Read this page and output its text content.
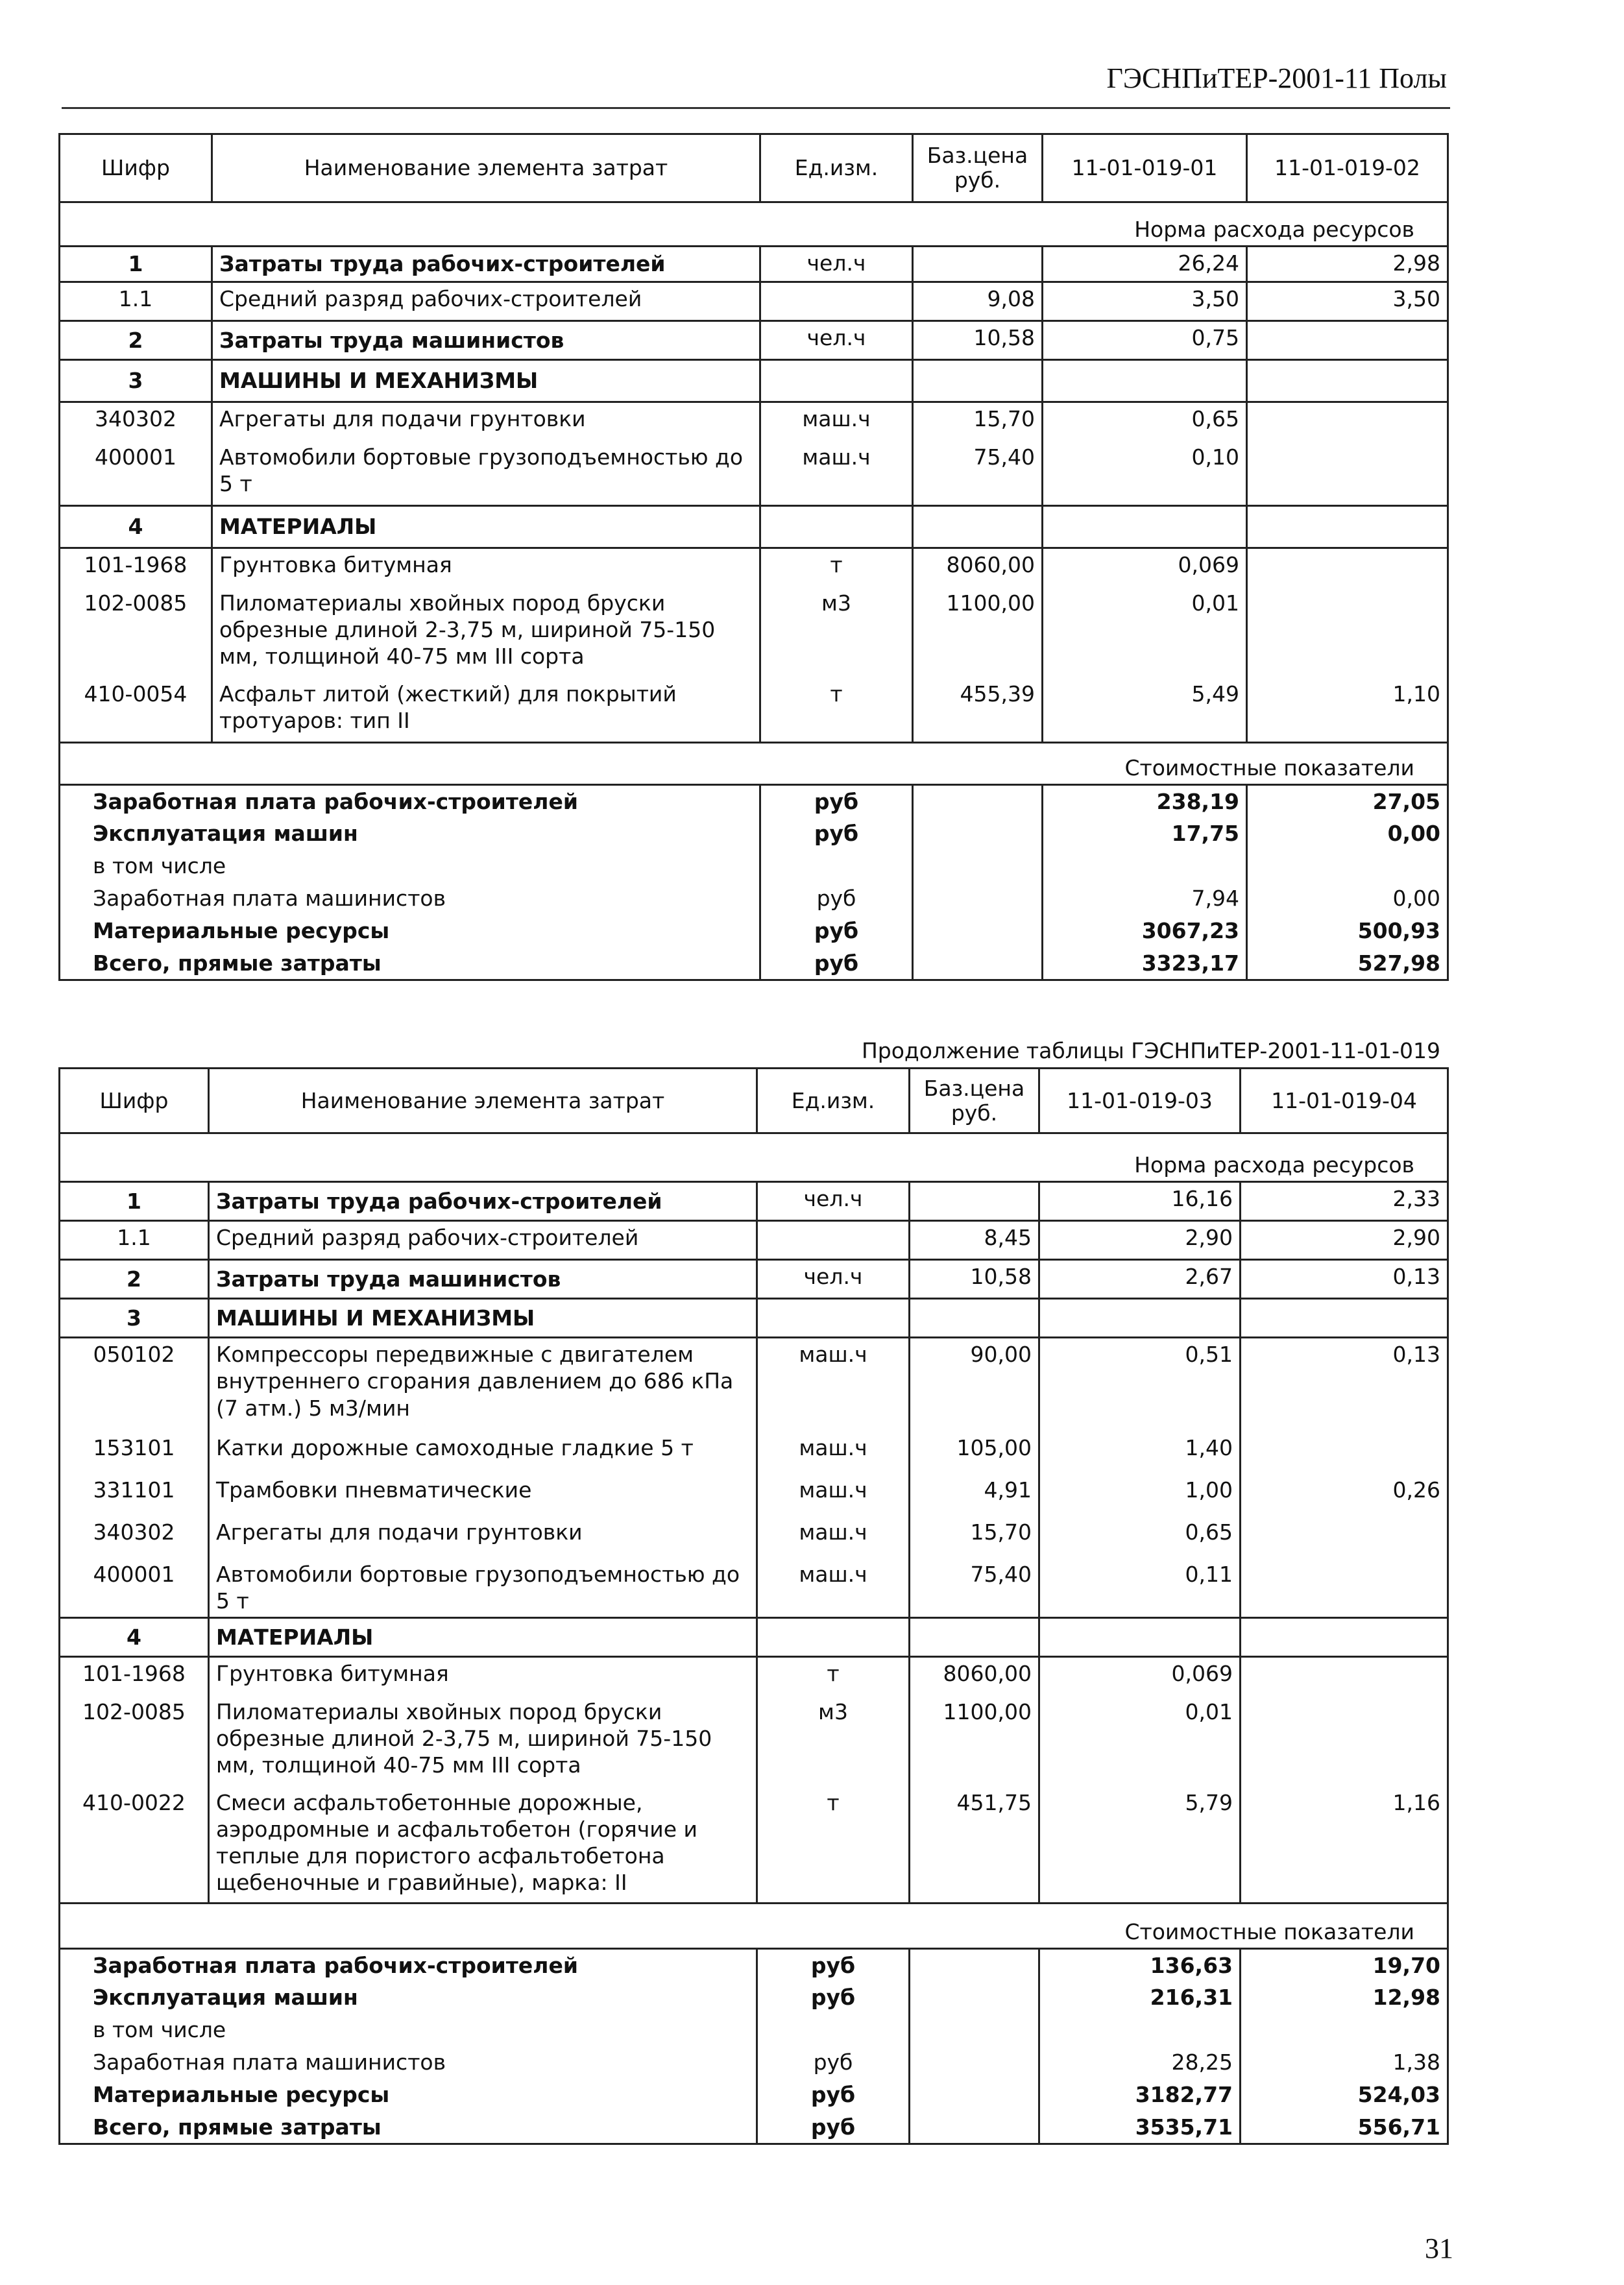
ГЭСНПиТЕР-2001-11 Полы
Шифр	Наименование элемента затрат	Ед.изм.	Баз.цена руб.	11-01-019-01	11-01-019-02
Норма расхода ресурсов					
1	Затраты труда рабочих-строителей	чел.ч		26,24	2,98
1.1	Средний разряд рабочих-строителей		9,08	3,50	3,50
2	Затраты труда машинистов	чел.ч	10,58	0,75	
3	МАШИНЫ И МЕХАНИЗМЫ				
340302	Агрегаты для подачи грунтовки	маш.ч	15,70	0,65	
400001	Автомобили бортовые грузоподъемностью до 5 т	маш.ч	75,40	0,10	
4	МАТЕРИАЛЫ				
101-1968	Грунтовка битумная	т	8060,00	0,069	
102-0085	Пиломатериалы хвойных пород бруски обрезные длиной 2-3,75 м, шириной 75-150 мм, толщиной 40-75 мм III сорта	м3	1100,00	0,01	
410-0054	Асфальт литой (жесткий) для покрытий тротуаров: тип II	т	455,39	5,49	1,10
Стоимостные показатели					
Заработная плата рабочих-строителей		руб		238,19	27,05
Эксплуатация машин		руб		17,75	0,00
в том числе					
Заработная плата машинистов		руб		7,94	0,00
Материальные ресурсы		руб		3067,23	500,93
Всего, прямые затраты		руб		3323,17	527,98
Продолжение таблицы ГЭСНПиТЕР-2001-11-01-019
Шифр	Наименование элемента затрат	Ед.изм.	Баз.цена руб.	11-01-019-03	11-01-019-04
Норма расхода ресурсов					
1	Затраты труда рабочих-строителей	чел.ч		16,16	2,33
1.1	Средний разряд рабочих-строителей		8,45	2,90	2,90
2	Затраты труда машинистов	чел.ч	10,58	2,67	0,13
3	МАШИНЫ И МЕХАНИЗМЫ				
050102	Компрессоры передвижные с двигателем внутреннего сгорания давлением до 686 кПа (7 атм.) 5 м3/мин	маш.ч	90,00	0,51	0,13
153101	Катки дорожные самоходные гладкие 5 т	маш.ч	105,00	1,40	
331101	Трамбовки пневматические	маш.ч	4,91	1,00	0,26
340302	Агрегаты для подачи грунтовки	маш.ч	15,70	0,65	
400001	Автомобили бортовые грузоподъемностью до 5 т	маш.ч	75,40	0,11	
4	МАТЕРИАЛЫ				
101-1968	Грунтовка битумная	т	8060,00	0,069	
102-0085	Пиломатериалы хвойных пород бруски обрезные длиной 2-3,75 м, шириной 75-150 мм, толщиной 40-75 мм III сорта	м3	1100,00	0,01	
410-0022	Смеси асфальтобетонные дорожные, аэродромные и асфальтобетон (горячие и теплые для пористого асфальтобетона щебеночные и гравийные), марка: II	т	451,75	5,79	1,16
Стоимостные показатели					
Заработная плата рабочих-строителей		руб		136,63	19,70
Эксплуатация машин		руб		216,31	12,98
в том числе					
Заработная плата машинистов		руб		28,25	1,38
Материальные ресурсы		руб		3182,77	524,03
Всего, прямые затраты		руб		3535,71	556,71
31
